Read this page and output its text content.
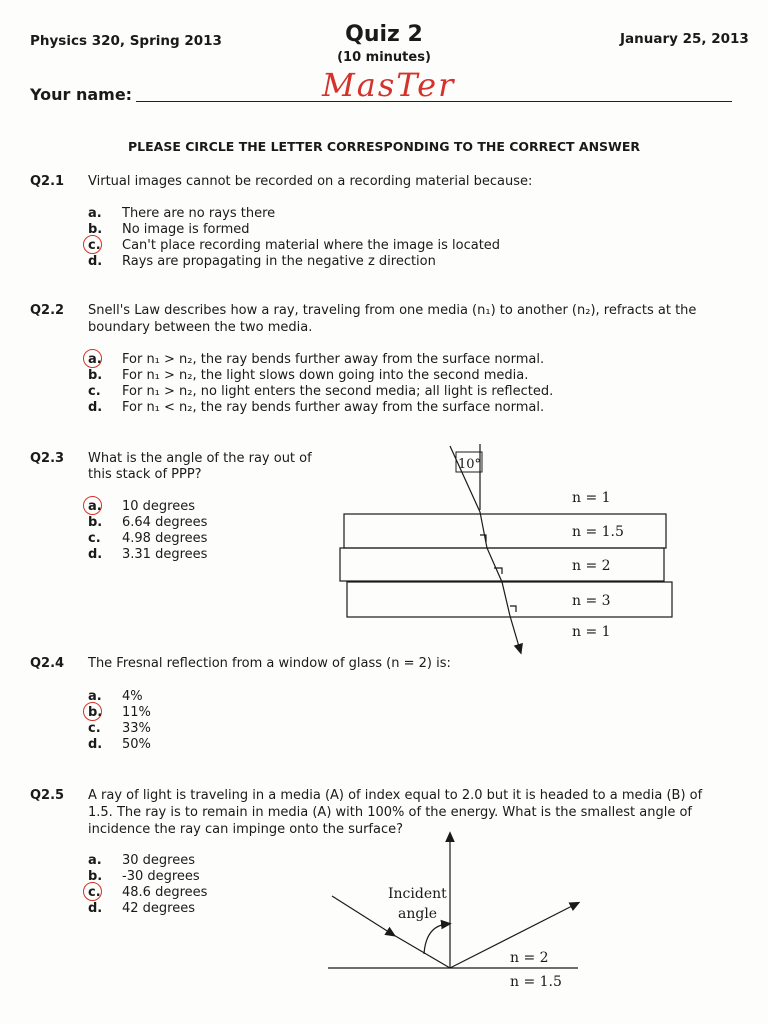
Physics 320, Spring 2013	Quiz 2
(10 minutes)
January 25, 2013
Your name:	MasTer
PLEASE CIRCLE THE LETTER CORRESPONDING TO THE CORRECT ANSWER
Q2.1 Virtual images cannot be recorded on a recording material because:
a.	There are no rays there
b.	No image is formed
c.	Can't place recording material where the image is located
d.	Rays are propagating in the negative z direction
Q2.2 Snell's Law describes how a ray, traveling from one media (n₁) to another (n₂), refracts at the
boundary between the two media.
a.	For n₁ > n₂, the ray bends further away from the surface normal.
b.	For n₁ > n₂, the light slows down going into the second media.
c.	For n₁ > n₂, no light enters the second media; all light is reflected.
d.	For n₁ < n₂, the ray bends further away from the surface normal.
Q2.3 What is the angle of the ray out of
this stack of PPP?
a.	10 degrees
b.	6.64 degrees
c.	4.98 degrees
d.	3.31 degrees
10°
n = 1
n = 1.5
n = 2
n = 3
n = 1
Q2.4 The Fresnal reflection from a window of glass (n = 2) is:
a.	4%
b.	11%
c.	33%
d.	50%
Q2.5 A ray of light is traveling in a media (A) of index equal to 2.0 but it is headed to a media (B) of
1.5. The ray is to remain in media (A) with 100% of the energy. What is the smallest angle of
incidence the ray can impinge onto the surface?
a.	30 degrees
b.	-30 degrees
c.	48.6 degrees
d.	42 degrees
Incident
angle
n = 2
n = 1.5
